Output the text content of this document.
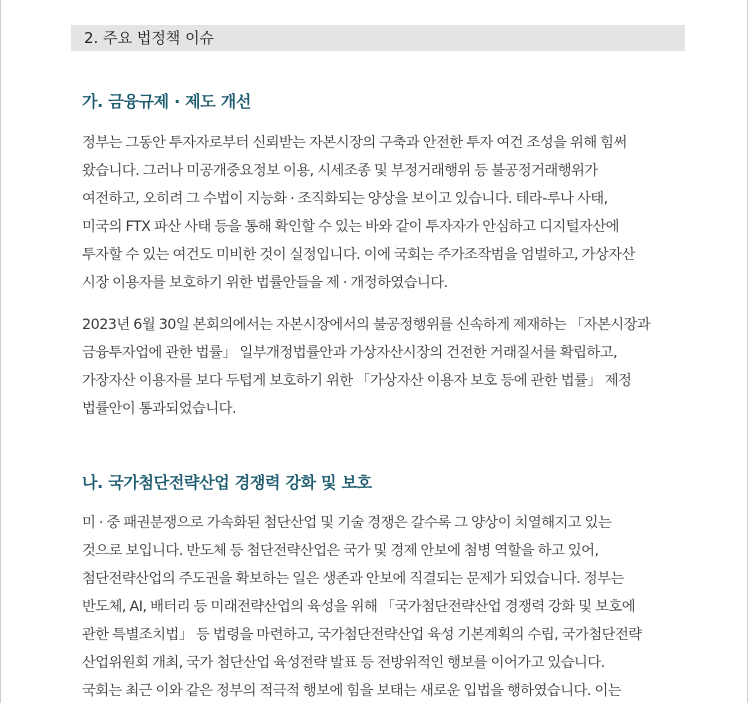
2. 주요 법정책 이슈
가. 금융규제 · 제도 개선

정부는 그동안 투자자로부터 신뢰받는 자본시장의 구축과 안전한 투자 여건 조성을 위해 힘써
왔습니다. 그러나 미공개중요정보 이용, 시세조종 및 부정거래행위 등 불공정거래행위가
여전하고, 오히려 그 수법이 지능화 · 조직화되는 양상을 보이고 있습니다. 테라-루나 사태,
미국의 FTX 파산 사태 등을 통해 확인할 수 있는 바와 같이 투자자가 안심하고 디지털자산에
투자할 수 있는 여건도 미비한 것이 실정입니다. 이에 국회는 주가조작범을 엄벌하고, 가상자산
시장 이용자를 보호하기 위한 법률안들을 제 · 개정하였습니다.

2023년 6월 30일 본회의에서는 자본시장에서의 불공정행위를 신속하게 제재하는 「자본시장과
금융투자업에 관한 법률」 일부개정법률안과 가상자산시장의 건전한 거래질서를 확립하고,
가장자산 이용자를 보다 두텁게 보호하기 위한 「가상자산 이용자 보호 등에 관한 법률」 제정
법률안이 통과되었습니다.

나. 국가첨단전략산업 경쟁력 강화 및 보호

미 · 중 패권분쟁으로 가속화된 첨단산업 및 기술 경쟁은 갈수록 그 양상이 치열해지고 있는
것으로 보입니다. 반도체 등 첨단전략산업은 국가 및 경제 안보에 첨병 역할을 하고 있어,
첨단전략산업의 주도권을 확보하는 일은 생존과 안보에 직결되는 문제가 되었습니다. 정부는
반도체, AI, 배터리 등 미래전략산업의 육성을 위해 「국가첨단전략산업 경쟁력 강화 및 보호에
관한 특별조치법」 등 법령을 마련하고, 국가첨단전략산업 육성 기본계획의 수립, 국가첨단전략
산업위원회 개최, 국가 첨단산업 육성전략 발표 등 전방위적인 행보를 이어가고 있습니다.
국회는 최근 이와 같은 정부의 적극적 행보에 힘을 보태는 새로운 입법을 행하였습니다. 이는
